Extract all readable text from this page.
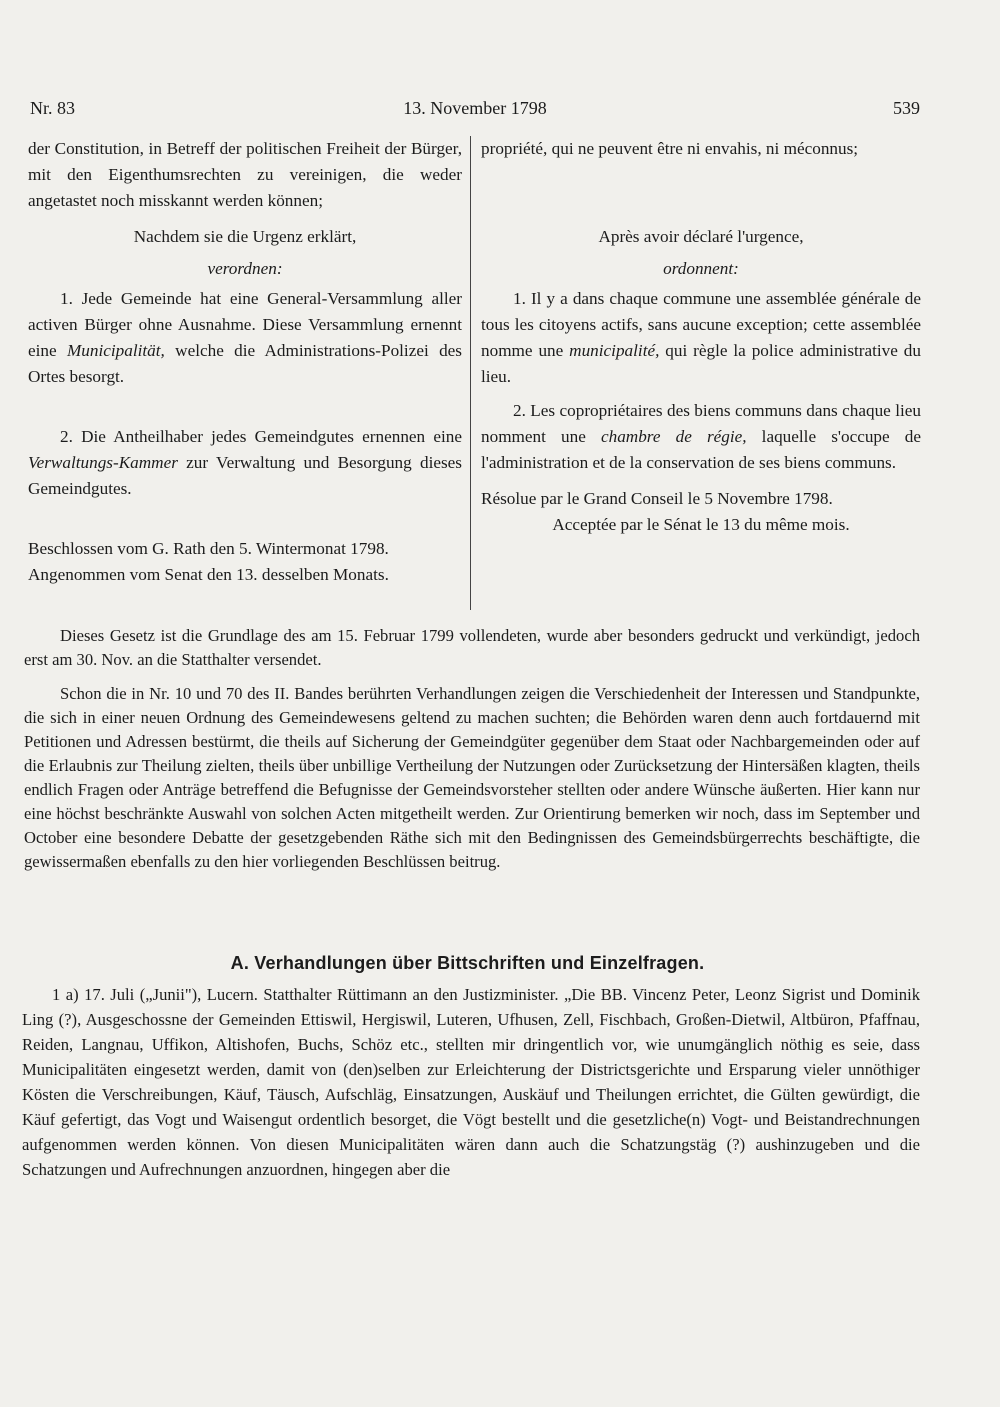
Nr. 83	13. November 1798	539

der Constitution, in Betreff der politischen Freiheit der Bürger, mit den Eigenthumsrechten zu vereinigen, die weder angetastet noch misskannt werden können;

Nachdem sie die Urgenz erklärt,

verordnen:

1. Jede Gemeinde hat eine General-Versammlung aller activen Bürger ohne Ausnahme. Diese Versammlung ernennt eine Municipalität, welche die Administrations-Polizei des Ortes besorgt.

2. Die Antheilhaber jedes Gemeindgutes ernennen eine Verwaltungs-Kammer zur Verwaltung und Besorgung dieses Gemeindgutes.

Beschlossen vom G. Rath den 5. Wintermonat 1798.

Angenommen vom Senat den 13. desselben Monats.

propriété, qui ne peuvent être ni envahis, ni méconnus;

Après avoir déclaré l'urgence,

ordonnent:

1. Il y a dans chaque commune une assemblée générale de tous les citoyens actifs, sans aucune exception; cette assemblée nomme une municipalité, qui règle la police administrative du lieu.

2. Les copropriétaires des biens communs dans chaque lieu nomment une chambre de régie, laquelle s'occupe de l'administration et de la conservation de ses biens communs.

Résolue par le Grand Conseil le 5 Novembre 1798.

Acceptée par le Sénat le 13 du même mois.

Dieses Gesetz ist die Grundlage des am 15. Februar 1799 vollendeten, wurde aber besonders gedruckt und verkündigt, jedoch erst am 30. Nov. an die Statthalter versendet.

Schon die in Nr. 10 und 70 des II. Bandes berührten Verhandlungen zeigen die Verschiedenheit der Interessen und Standpunkte, die sich in einer neuen Ordnung des Gemeindewesens geltend zu machen suchten; die Behörden waren denn auch fortdauernd mit Petitionen und Adressen bestürmt, die theils auf Sicherung der Gemeindgüter gegenüber dem Staat oder Nachbargemeinden oder auf die Erlaubnis zur Theilung zielten, theils über unbillige Vertheilung der Nutzungen oder Zurücksetzung der Hintersäßen klagten, theils endlich Fragen oder Anträge betreffend die Befugnisse der Gemeindsvorsteher stellten oder andere Wünsche äußerten. Hier kann nur eine höchst beschränkte Auswahl von solchen Acten mitgetheilt werden. Zur Orientirung bemerken wir noch, dass im September und October eine besondere Debatte der gesetzgebenden Räthe sich mit den Bedingnissen des Gemeindsbürgerrechts beschäftigte, die gewissermaßen ebenfalls zu den hier vorliegenden Beschlüssen beitrug.

A. Verhandlungen über Bittschriften und Einzelfragen.

1 a) 17. Juli („Junii"), Lucern. Statthalter Rüttimann an den Justizminister. „Die BB. Vincenz Peter, Leonz Sigrist und Dominik Ling (?), Ausgeschossne der Gemeinden Ettiswil, Hergiswil, Luteren, Ufhusen, Zell, Fischbach, Großen-Dietwil, Altbüron, Pfaffnau, Reiden, Langnau, Uffikon, Altishofen, Buchs, Schöz etc., stellten mir dringentlich vor, wie unumgänglich nöthig es seie, dass Municipalitäten eingesetzt werden, damit von (den)selben zur Erleichterung der Districtsgerichte und Ersparung vieler unnöthiger Kösten die Verschreibungen, Käuf, Täusch, Aufschläg, Einsatzungen, Auskäuf und Theilungen errichtet, die Gülten gewürdigt, die Käuf gefertigt, das Vogt und Waisengut ordentlich besorget, die Vögt bestellt und die gesetzliche(n) Vogt- und Beistandrechnungen aufgenommen werden können. Von diesen Municipalitäten wären dann auch die Schatzungstäg (?) aushinzugeben und die Schatzungen und Aufrechnungen anzuordnen, hingegen aber die
